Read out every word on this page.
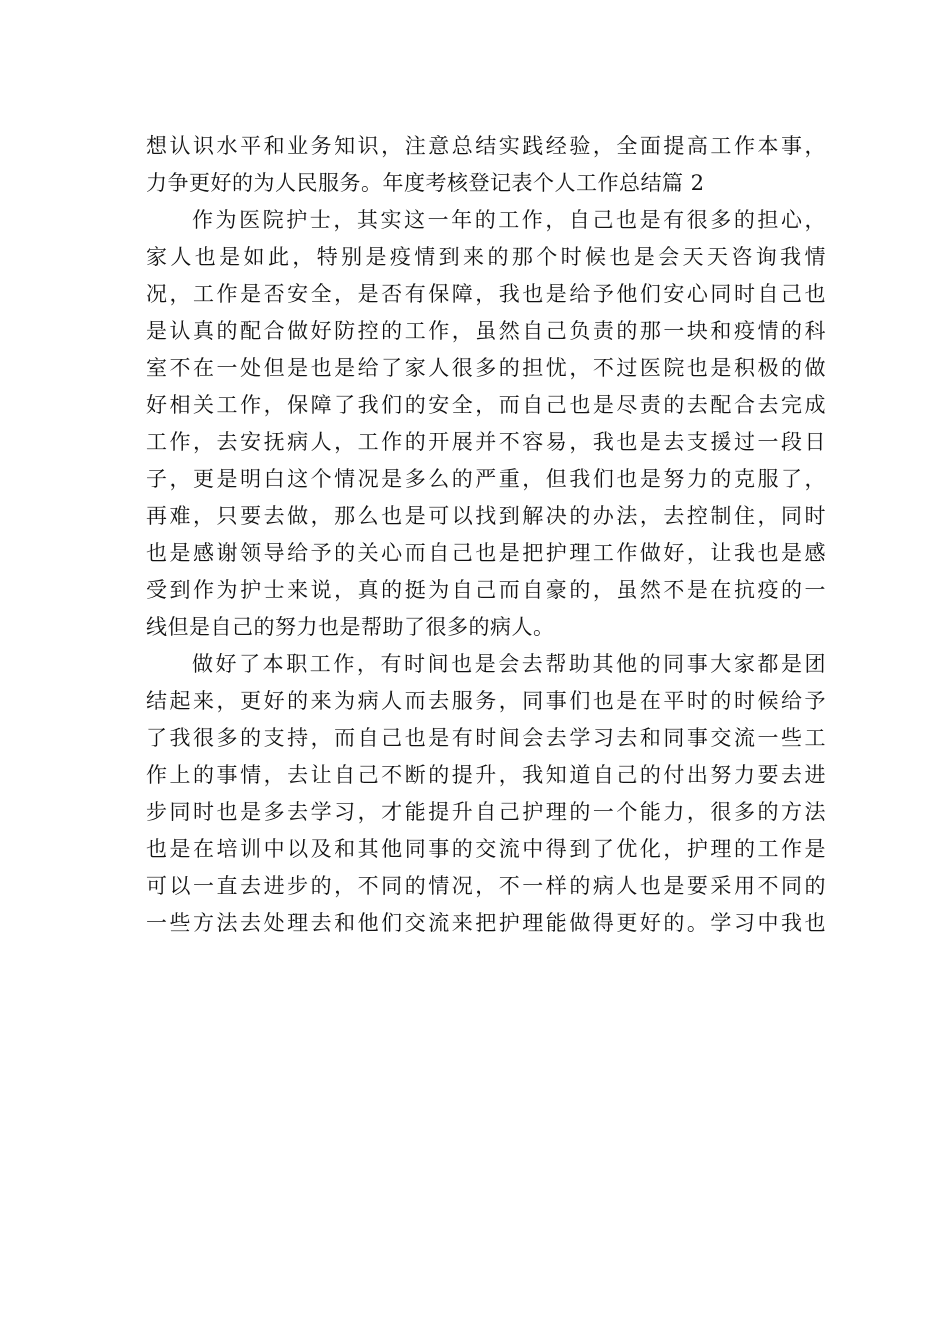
想认识水平和业务知识，注意总结实践经验，全面提高工作本事，
力争更好的为人民服务。年度考核登记表个人工作总结篇 2
作为医院护士，其实这一年的工作，自己也是有很多的担心，
家人也是如此，特别是疫情到来的那个时候也是会天天咨询我情
况，工作是否安全，是否有保障，我也是给予他们安心同时自己也
是认真的配合做好防控的工作，虽然自己负责的那一块和疫情的科
室不在一处但是也是给了家人很多的担忧，不过医院也是积极的做
好相关工作，保障了我们的安全，而自己也是尽责的去配合去完成
工作，去安抚病人，工作的开展并不容易，我也是去支援过一段日
子，更是明白这个情况是多么的严重，但我们也是努力的克服了，
再难，只要去做，那么也是可以找到解决的办法，去控制住，同时
也是感谢领导给予的关心而自己也是把护理工作做好，让我也是感
受到作为护士来说，真的挺为自己而自豪的，虽然不是在抗疫的一
线但是自己的努力也是帮助了很多的病人。
做好了本职工作，有时间也是会去帮助其他的同事大家都是团
结起来，更好的来为病人而去服务，同事们也是在平时的时候给予
了我很多的支持，而自己也是有时间会去学习去和同事交流一些工
作上的事情，去让自己不断的提升，我知道自己的付出努力要去进
步同时也是多去学习，才能提升自己护理的一个能力，很多的方法
也是在培训中以及和其他同事的交流中得到了优化，护理的工作是
可以一直去进步的，不同的情况，不一样的病人也是要采用不同的
一些方法去处理去和他们交流来把护理能做得更好的。学习中我也
